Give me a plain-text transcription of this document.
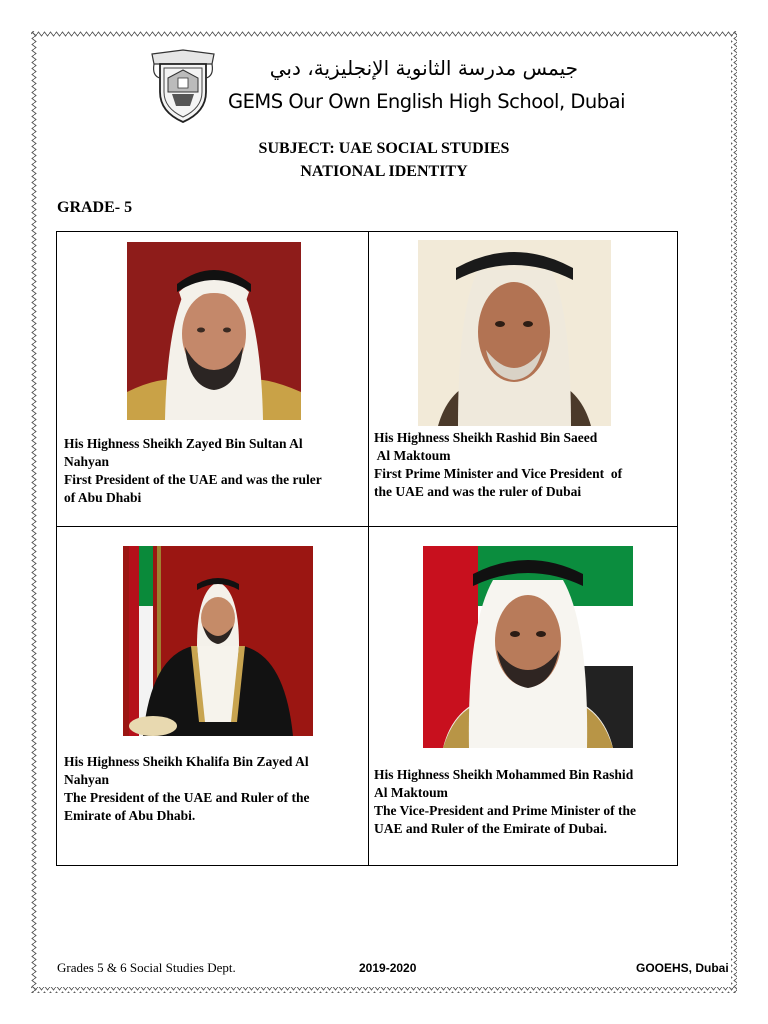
جيمس مدرسة الثانوية الإنجليزية، دبي
GEMS Our Own English High School, Dubai
SUBJECT: UAE SOCIAL STUDIES
NATIONAL IDENTITY
GRADE- 5
His Highness Sheikh Zayed Bin Sultan Al
Nahyan
First President of the UAE and was the ruler
of Abu Dhabi
His Highness Sheikh Rashid Bin Saeed
Al Maktoum
First Prime Minister and Vice President  of
the UAE and was the ruler of Dubai
His Highness Sheikh Khalifa Bin Zayed Al
Nahyan
The President of the UAE and Ruler of the
Emirate of Abu Dhabi.
His Highness Sheikh Mohammed Bin Rashid
Al Maktoum
The Vice-President and Prime Minister of the
UAE and Ruler of the Emirate of Dubai.
Grades 5 & 6 Social Studies Dept.	2019-2020	GOOEHS, Dubai
